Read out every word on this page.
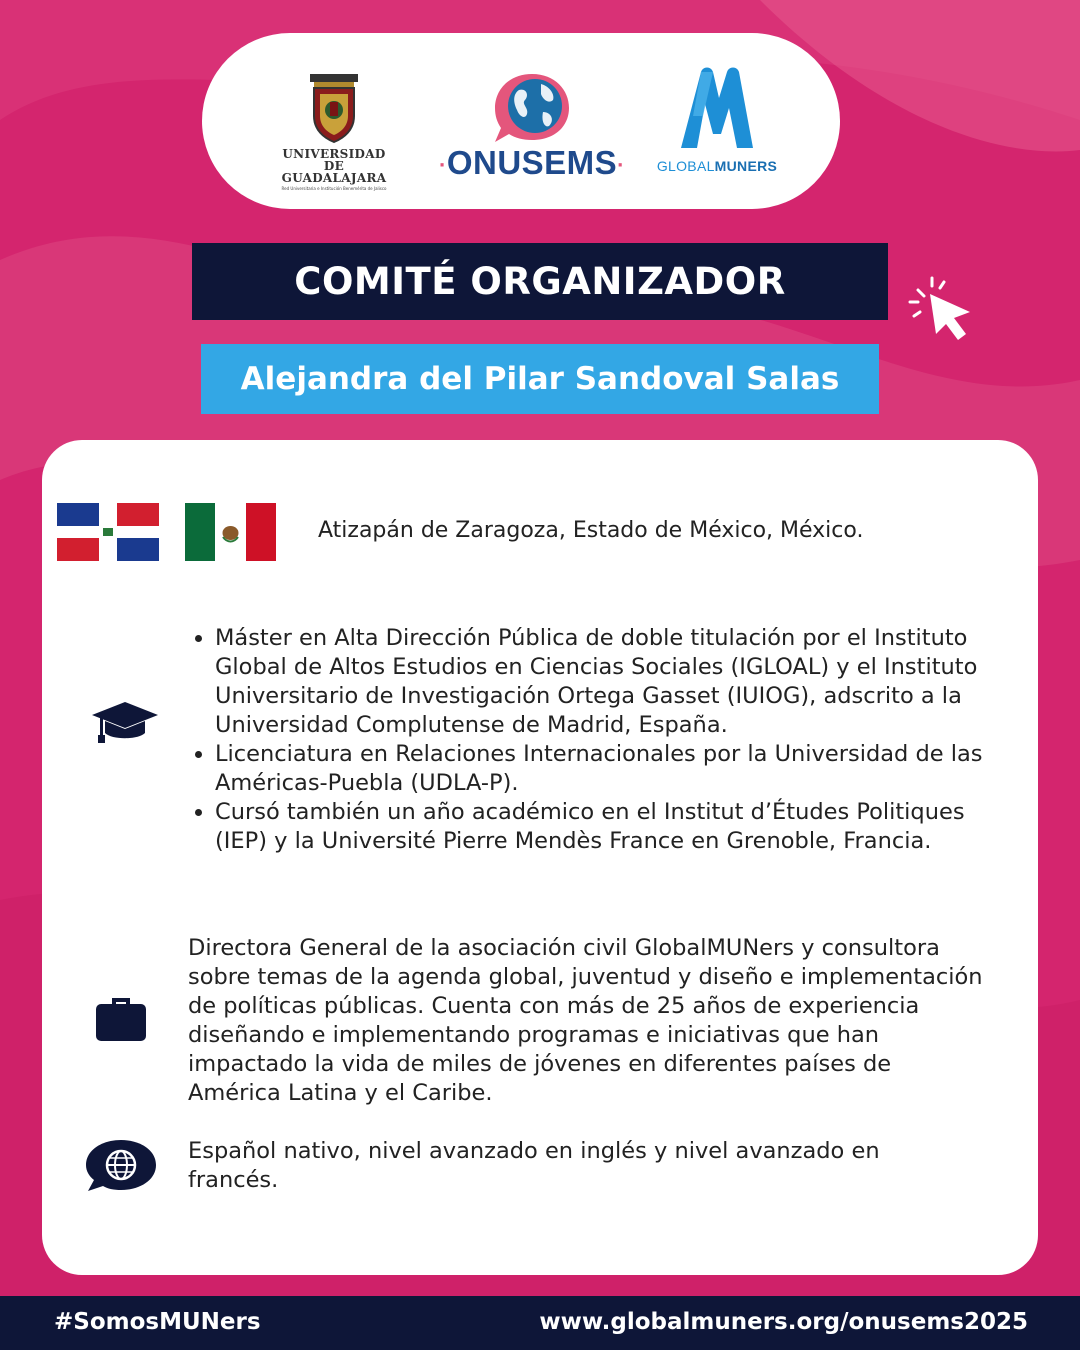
UNIVERSIDAD DE
GUADALAJARA
Red Universitaria e Institución Benemérita de Jalisco
·ONUSEMS·	GLOBALMUNERS
COMITÉ ORGANIZADOR
Alejandra del Pilar Sandoval Salas
Atizapán de Zaragoza, Estado de México, México.
• Máster en Alta Dirección Pública de doble titulación por el Instituto Global de Altos Estudios en Ciencias Sociales (IGLOAL) y el Instituto Universitario de Investigación Ortega Gasset (IUIOG), adscrito a la Universidad Complutense de Madrid, España.
• Licenciatura en Relaciones Internacionales por la Universidad de las Américas-Puebla (UDLA-P).
• Cursó también un año académico en el Institut d’Études Politiques (IEP) y la Université Pierre Mendès France en Grenoble, Francia.
Directora General de la asociación civil GlobalMUNers y consultora sobre temas de la agenda global, juventud y diseño e implementación de políticas públicas. Cuenta con más de 25 años de experiencia diseñando e implementando programas e iniciativas que han impactado la vida de miles de jóvenes en diferentes países de América Latina y el Caribe.
Español nativo, nivel avanzado en inglés y nivel avanzado en francés.
#SomosMUNers	www.globalmuners.org/onusems2025
